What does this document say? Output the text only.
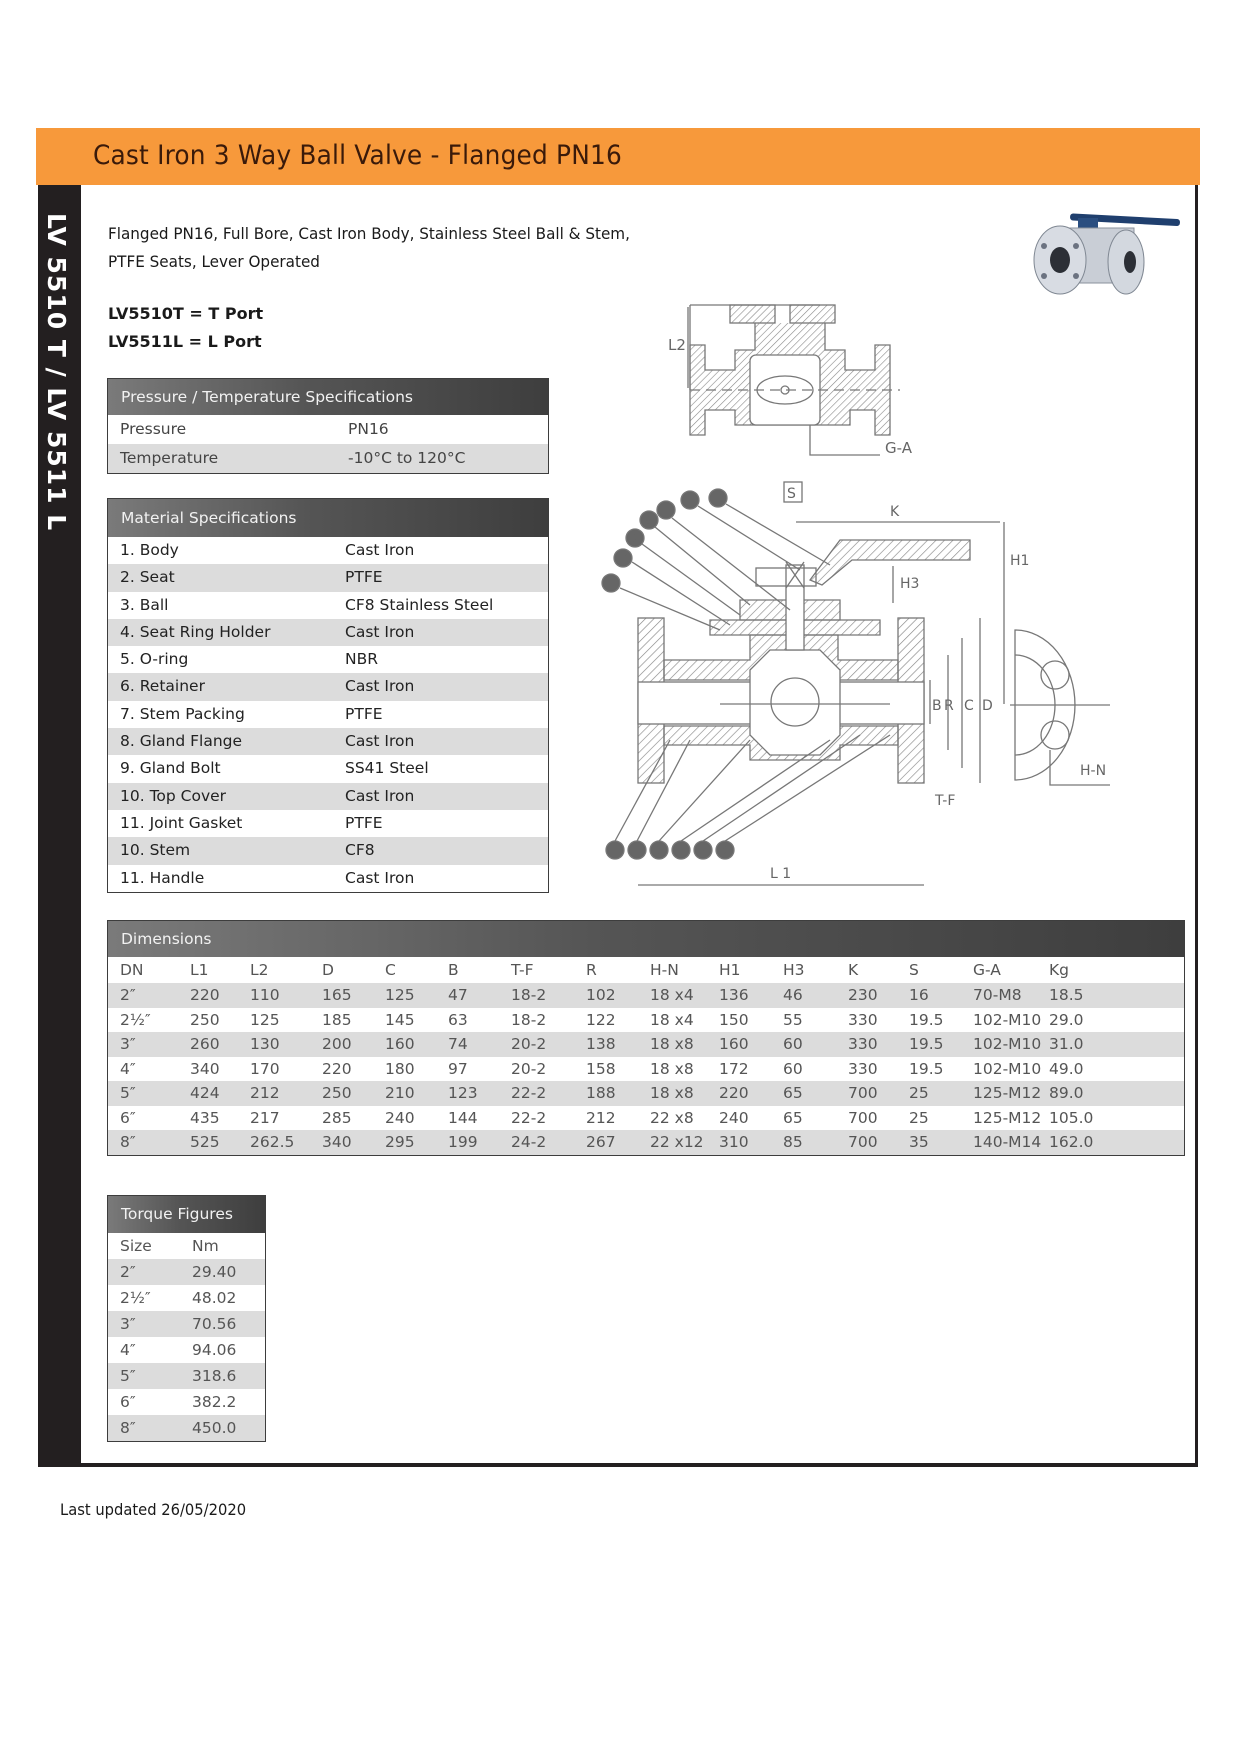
Cast Iron 3 Way Ball Valve - Flanged PN16
LV 5510 T / LV 5511 L Flanged PN16, Full Bore, Cast Iron Body, Stainless Steel Ball & Stem,
PTFE Seats, Lever Operated
LV5510T = T Port
LV5511L = L Port
Pressure / Temperature Specifications
Pressure	PN16
Temperature	-10°C to 120°C
Material Specifications
1. Body	Cast Iron
2. Seat	PTFE
3. Ball	CF8 Stainless Steel
4. Seat Ring Holder	Cast Iron
5. O-ring	NBR
6. Retainer	Cast Iron
7. Stem Packing	PTFE
8. Gland Flange	Cast Iron
9. Gland Bolt	SS41 Steel
10. Top Cover	Cast Iron
11. Joint Gasket	PTFE
10. Stem	CF8
11. Handle	Cast Iron
Dimensions
DN	L1	L2	D	C	B	T-F	R	H-N	H1	H3	K	S	G-A	Kg
2″	220	110	165	125	47	18-2	102	18 x4	136	46	230	16	70-M8	18.5
2½″	250	125	185	145	63	18-2	122	18 x4	150	55	330	19.5	102-M10 29.0
3″	260	130	200	160	74	20-2	138	18 x8	160	60	330	19.5	102-M10 31.0
4″	340	170	220	180	97	20-2	158	18 x8	172	60	330	19.5	102-M10 49.0
5″	424	212	250	210	123	22-2	188	18 x8	220	65	700	25	125-M12 89.0
6″	435	217	285	240	144	22-2	212	22 x8	240	65	700	25	125-M12 105.0
8″	525	262.5	340	295	199	24-2	267	22 x12 310	85	700	35	140-M14 162.0
Torque Figures
Size	Nm
2″	29.40
2½″	48.02
3″	70.56
4″	94.06
5″	318.6
6″	382.2
8″	450.0
L2
G-A
S
K
H3
H1
B R C D
T-F
L 1
H-N
1 2 3 4 5 6
7
8
9
10
11
12 13
Last updated 26/05/2020
